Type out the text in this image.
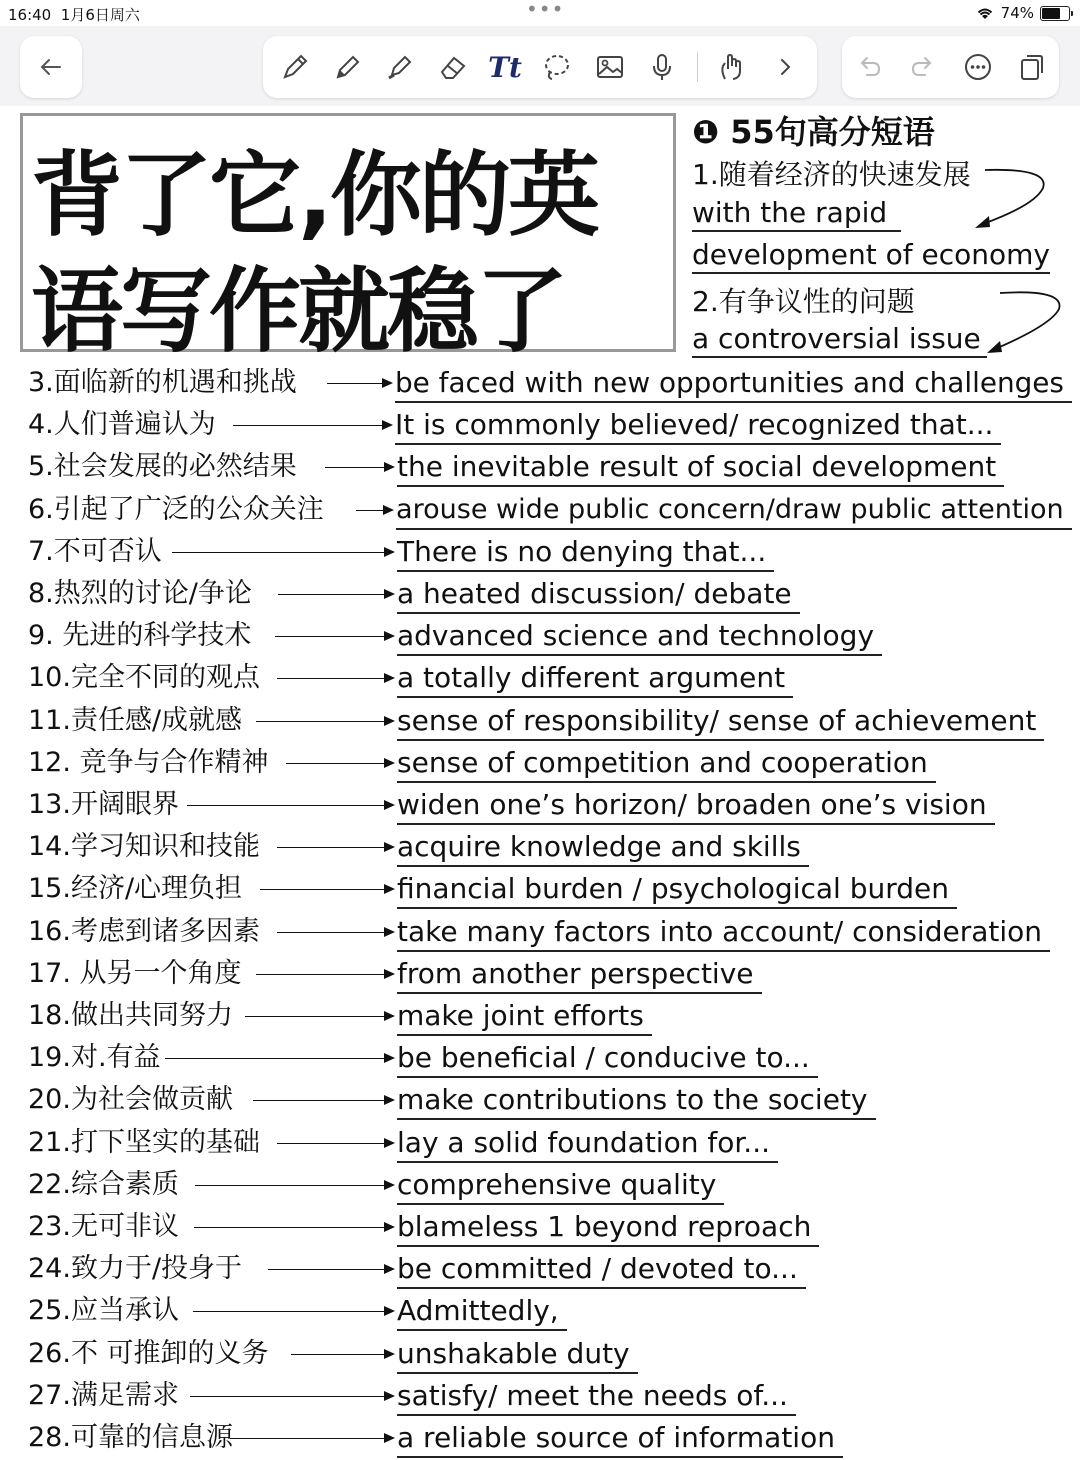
16:40 1月6日周六	•••	74%
Tt
背了它,你的英
语写作就稳了
❶ 55句高分短语
1.随着经济的快速发展
with the rapid
development of economy
2.有争议性的问题
a controversial issue
3.面临新的机遇和挑战	be faced with new opportunities and challenges
4.人们普遍认为	It is commonly believed/ recognized that...
5.社会发展的必然结果	the inevitable result of social development
6.引起了广泛的公众关注	arouse wide public concern/draw public attention
7.不可否认	There is no denying that...
8.热烈的讨论/争论	a heated discussion/ debate
9. 先进的科学技术	advanced science and technology
10.完全不同的观点	a totally different argument
11.责任感/成就感	sense of responsibility/ sense of achievement
12. 竞争与合作精神	sense of competition and cooperation
13.开阔眼界	widen one’s horizon/ broaden one’s vision
14.学习知识和技能	acquire knowledge and skills
15.经济/心理负担	financial burden / psychological burden
16.考虑到诸多因素	take many factors into account/ consideration
17. 从另一个角度	from another perspective
18.做出共同努力	make joint efforts
19.对.有益	be beneficial / conducive to...
20.为社会做贡献	make contributions to the society
21.打下坚实的基础	lay a solid foundation for...
22.综合素质	comprehensive quality
23.无可非议	blameless 1 beyond reproach
24.致力于/投身于	be committed / devoted to...
25.应当承认	Admittedly,
26.不 可推卸的义务	unshakable duty
27.满足需求	satisfy/ meet the needs of...
28.可靠的信息源	a reliable source of information
